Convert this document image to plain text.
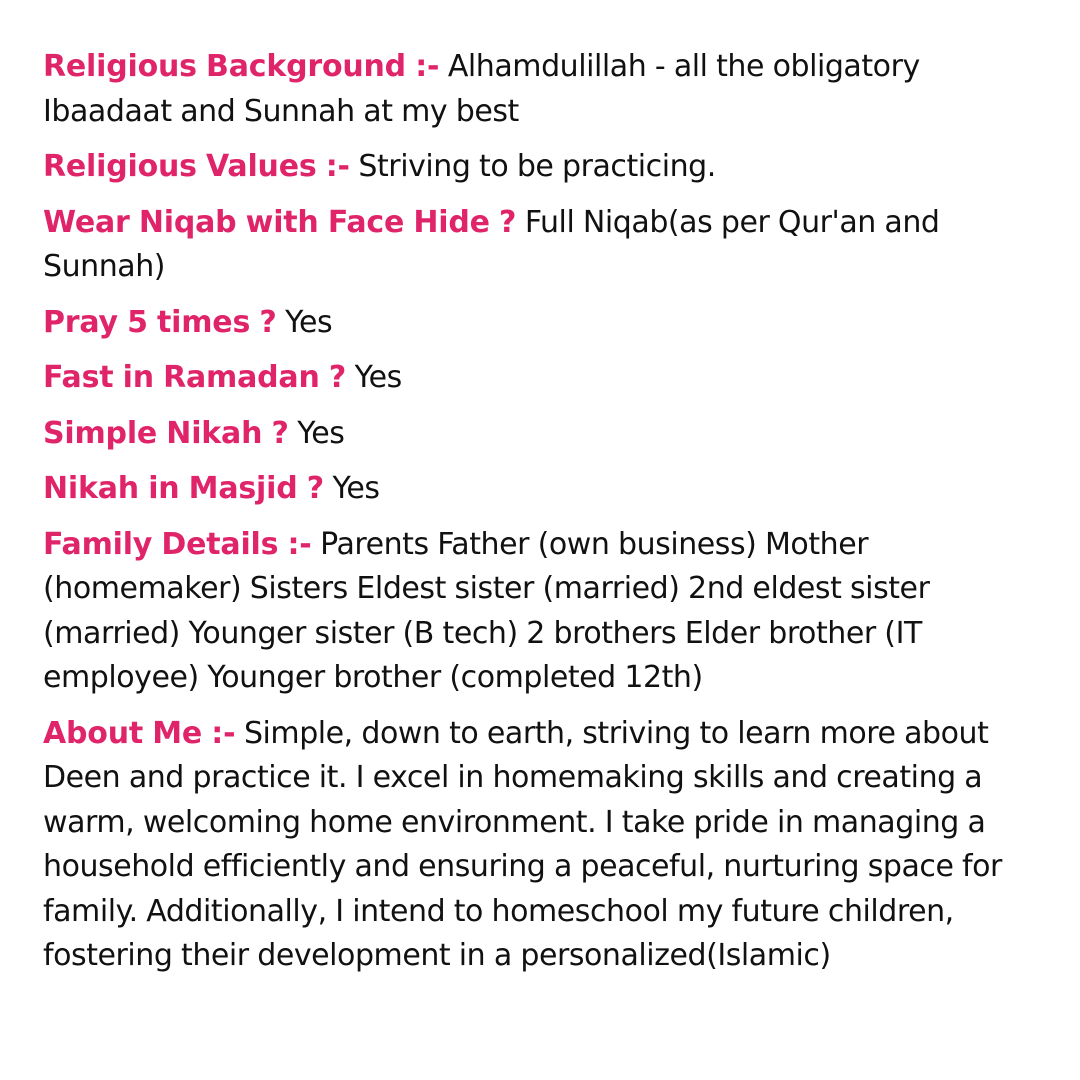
Religious Background :- Alhamdulillah - all the obligatory Ibaadaat and Sunnah at my best

Religious Values :- Striving to be practicing.

Wear Niqab with Face Hide ? Full Niqab(as per Qur'an and Sunnah)

Pray 5 times ? Yes

Fast in Ramadan ? Yes

Simple Nikah ? Yes

Nikah in Masjid ? Yes

Family Details :- Parents Father (own business) Mother (homemaker) Sisters Eldest sister (married) 2nd eldest sister (married) Younger sister (B tech) 2 brothers Elder brother (IT employee) Younger brother (completed 12th)

About Me :- Simple, down to earth, striving to learn more about Deen and practice it. I excel in homemaking skills and creating a warm, welcoming home environment. I take pride in managing a household efficiently and ensuring a peaceful, nurturing space for family. Additionally, I intend to homeschool my future children, fostering their development in a personalized(Islamic)
